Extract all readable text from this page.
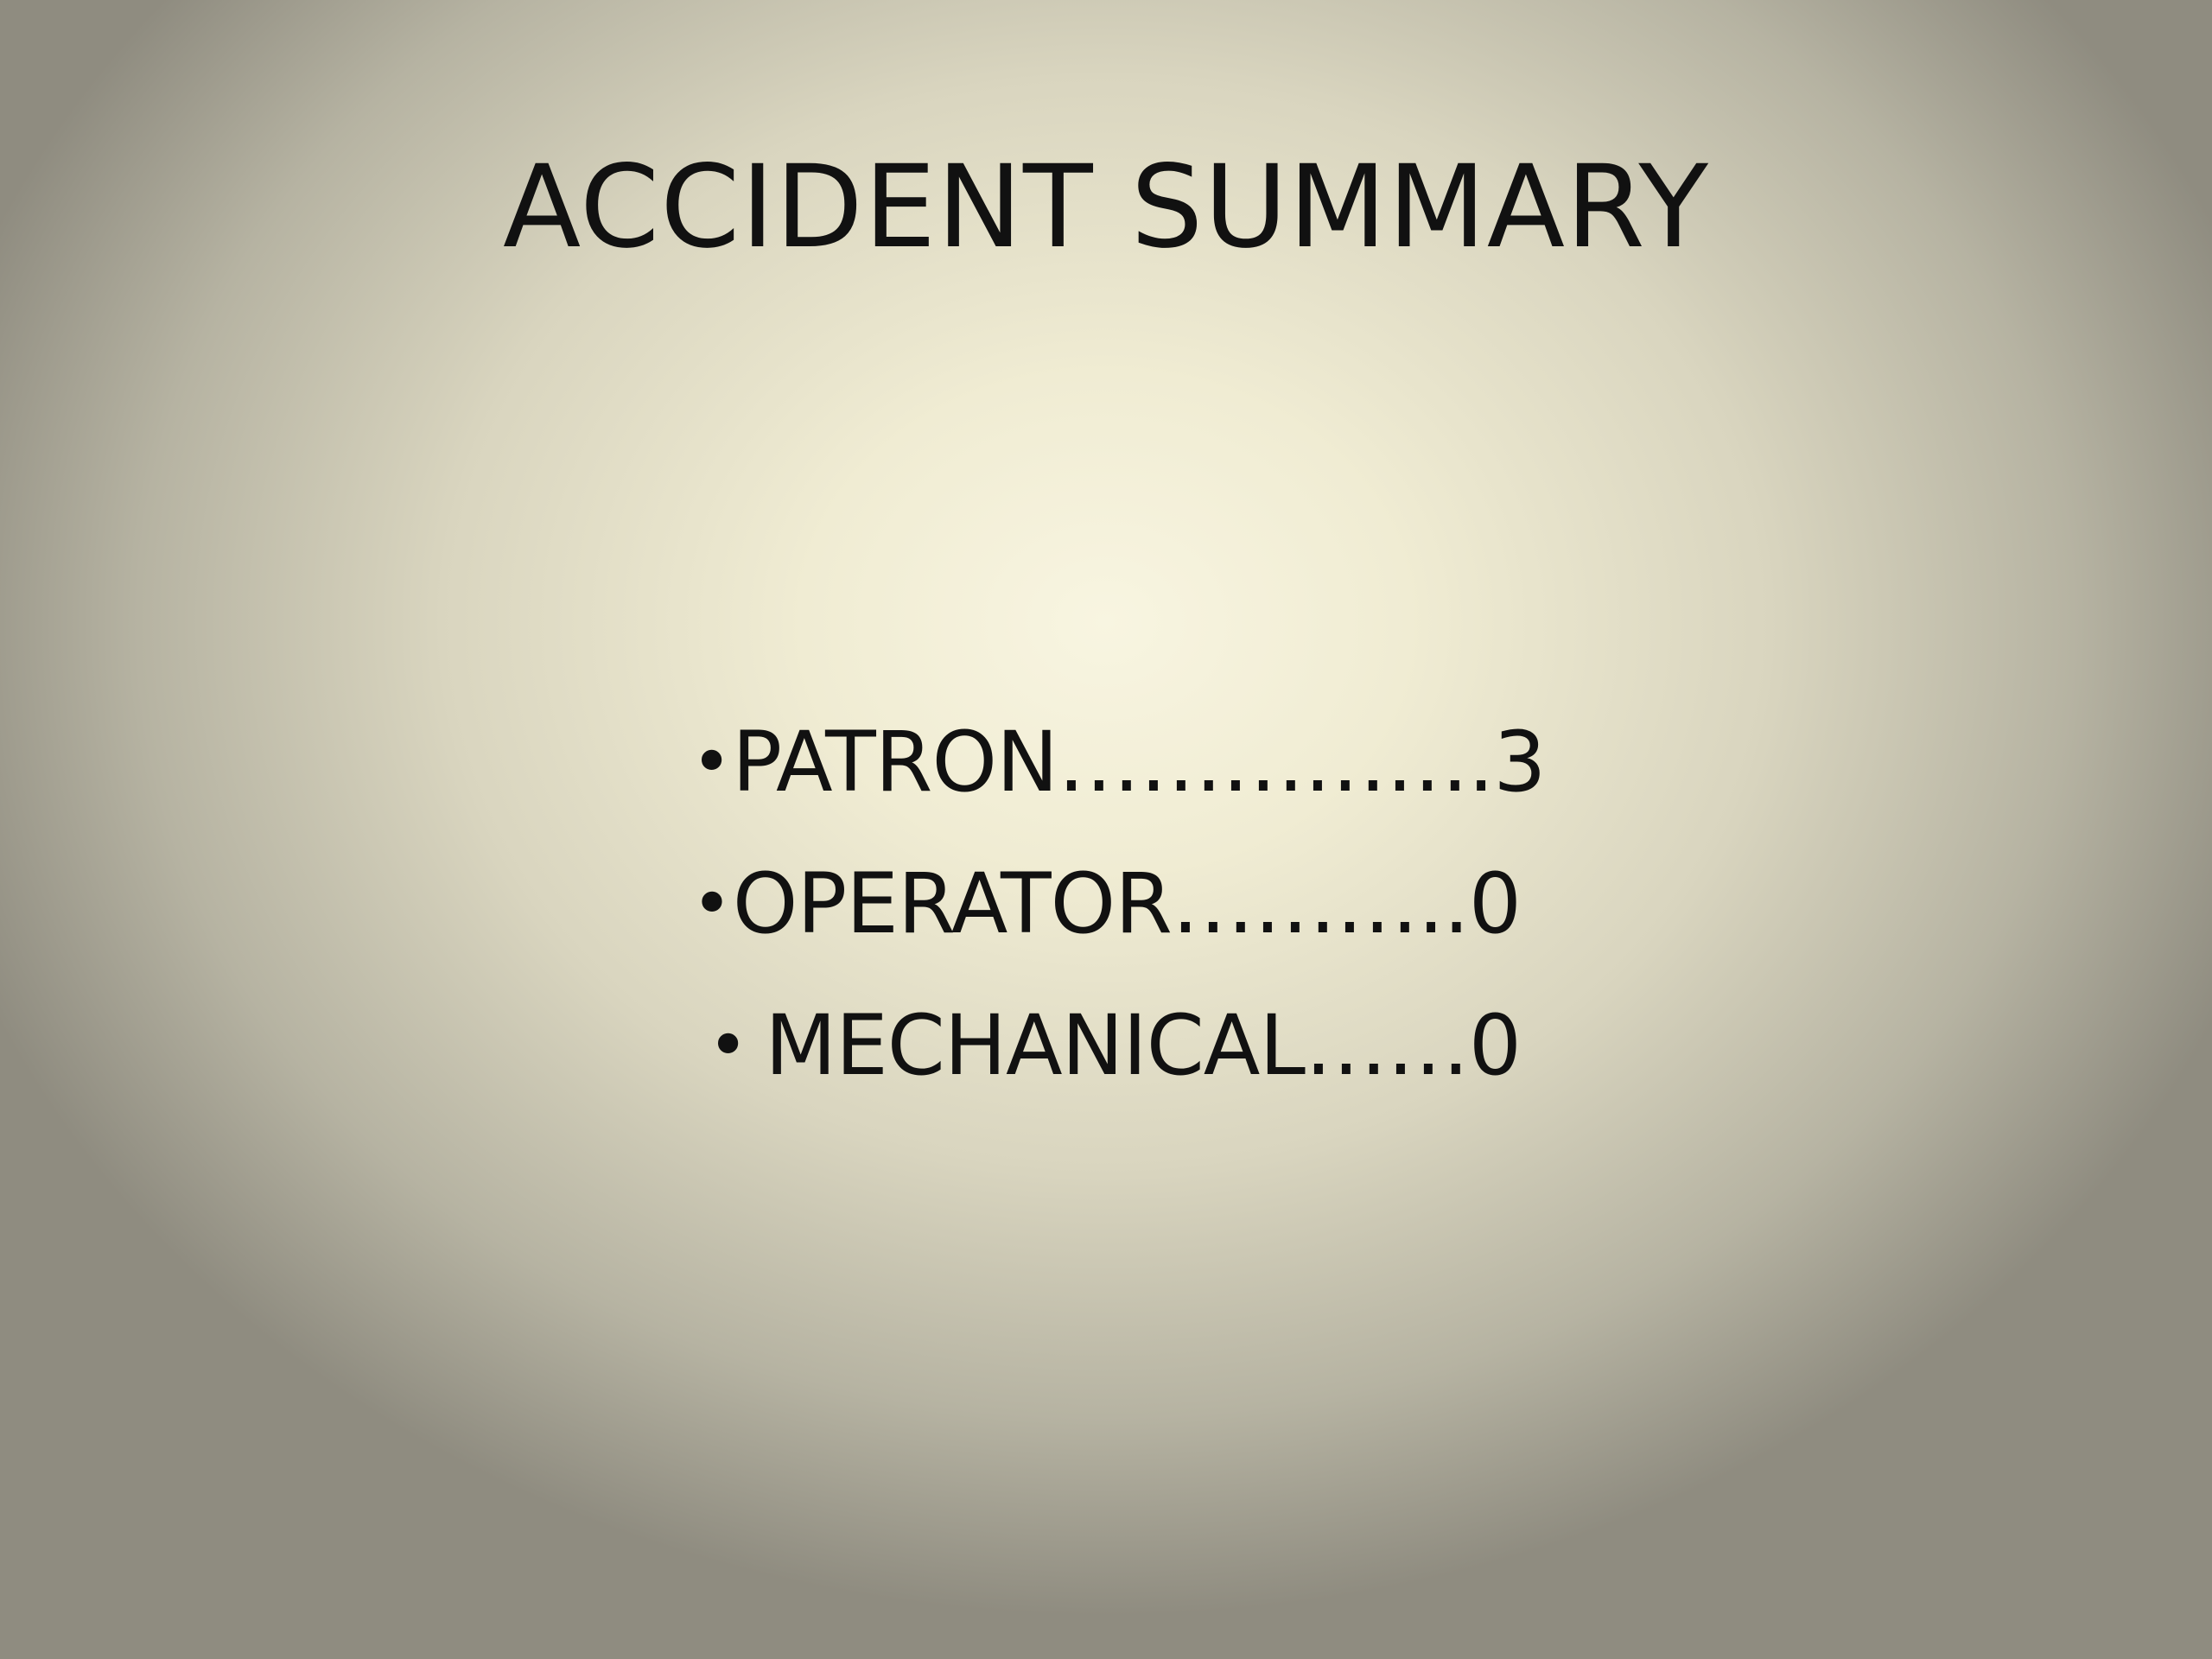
ACCIDENT SUMMARY
• PATRON…………….3
• OPERATOR………..0
• MECHANICAL……0
